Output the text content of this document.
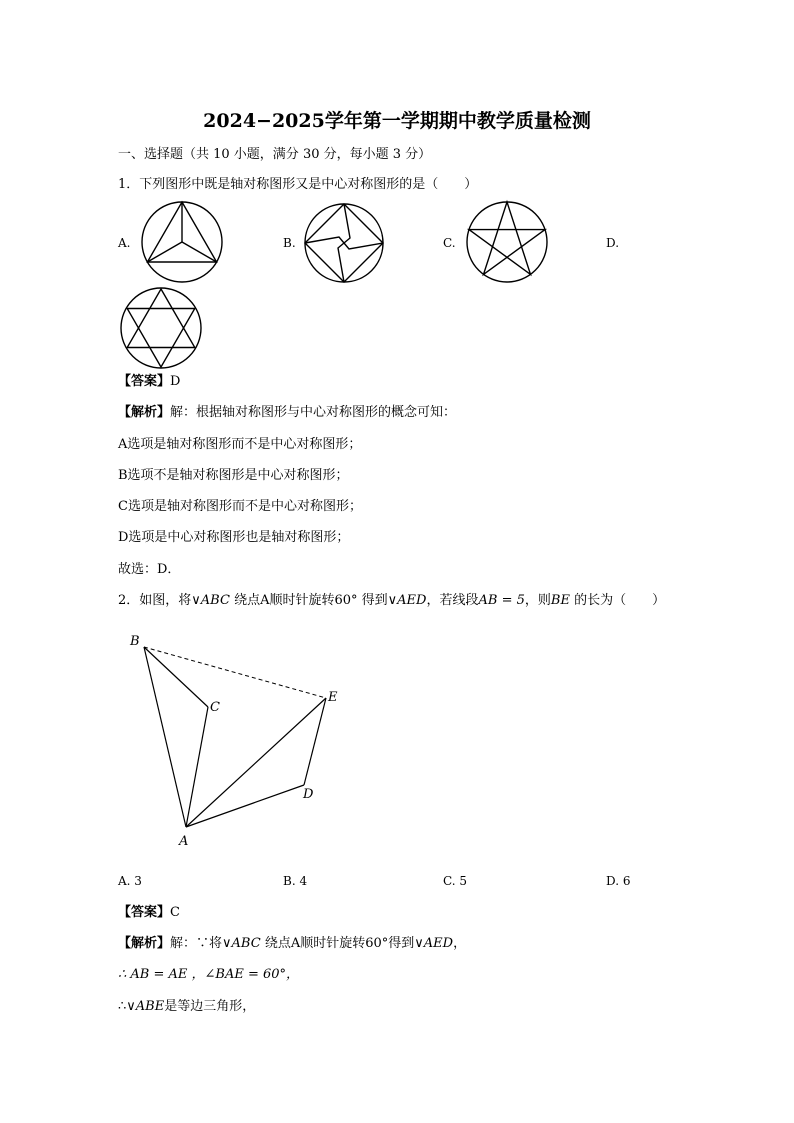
2024−2025学年第一学期期中教学质量检测
一、选择题（共 10 小题，满分 30 分，每小题 3 分）
1．下列图形中既是轴对称图形又是中心对称图形的是（　　）
A.	B.	C.	D.
【答案】D
【解析】解：根据轴对称图形与中心对称图形的概念可知：
A选项是轴对称图形而不是中心对称图形；
B选项不是轴对称图形是中心对称图形；
C选项是轴对称图形而不是中心对称图形；
D选项是中心对称图形也是轴对称图形；
故选：D．
2．如图，将∨ABC 绕点A顺时针旋转60° 得到∨AED，若线段AB = 5，则BE 的长为（　　）
B
C
E
D
A
A. 3	B. 4	C. 5	D. 6
【答案】C
【解析】解：∵将∨ABC 绕点A顺时针旋转60°得到∨AED，
∴ AB = AE ，∠BAE = 60°，
∴∨ABE是等边三角形，
